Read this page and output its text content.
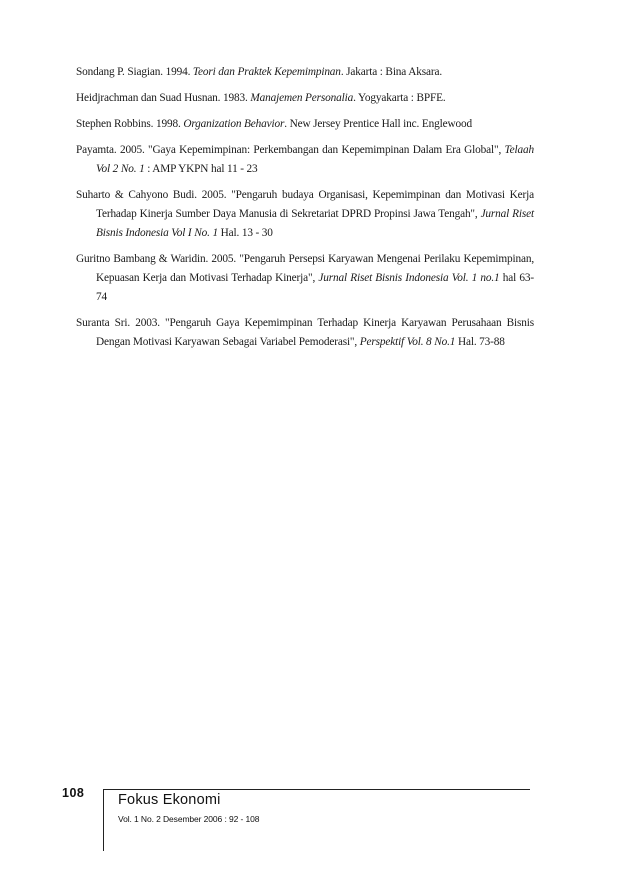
Sondang P. Siagian. 1994. Teori dan Praktek Kepemimpinan. Jakarta : Bina Aksara.

Heidjrachman dan Suad Husnan. 1983. Manajemen Personalia. Yogyakarta : BPFE.

Stephen Robbins. 1998. Organization Behavior. New Jersey Prentice Hall inc. Englewood

Payamta. 2005. "Gaya Kepemimpinan: Perkembangan dan Kepemimpinan Dalam Era Global", Telaah Vol 2 No. 1 : AMP YKPN hal 11 - 23

Suharto & Cahyono Budi. 2005. "Pengaruh budaya Organisasi, Kepemimpinan dan Motivasi Kerja Terhadap Kinerja Sumber Daya Manusia di Sekretariat DPRD Propinsi Jawa Tengah", Jurnal Riset Bisnis Indonesia Vol I No. 1 Hal. 13 - 30

Guritno Bambang & Waridin. 2005. "Pengaruh Persepsi Karyawan Mengenai Perilaku Kepemimpinan, Kepuasan Kerja dan Motivasi Terhadap Kinerja", Jurnal Riset Bisnis Indonesia Vol. 1 no.1 hal 63-74

Suranta Sri. 2003. "Pengaruh Gaya Kepemimpinan Terhadap Kinerja Karyawan Perusahaan Bisnis Dengan Motivasi Karyawan Sebagai Variabel Pemoderasi", Perspektif Vol. 8 No.1 Hal. 73-88

108 Fokus Ekonomi
Vol. 1 No. 2 Desember 2006 : 92 - 108
